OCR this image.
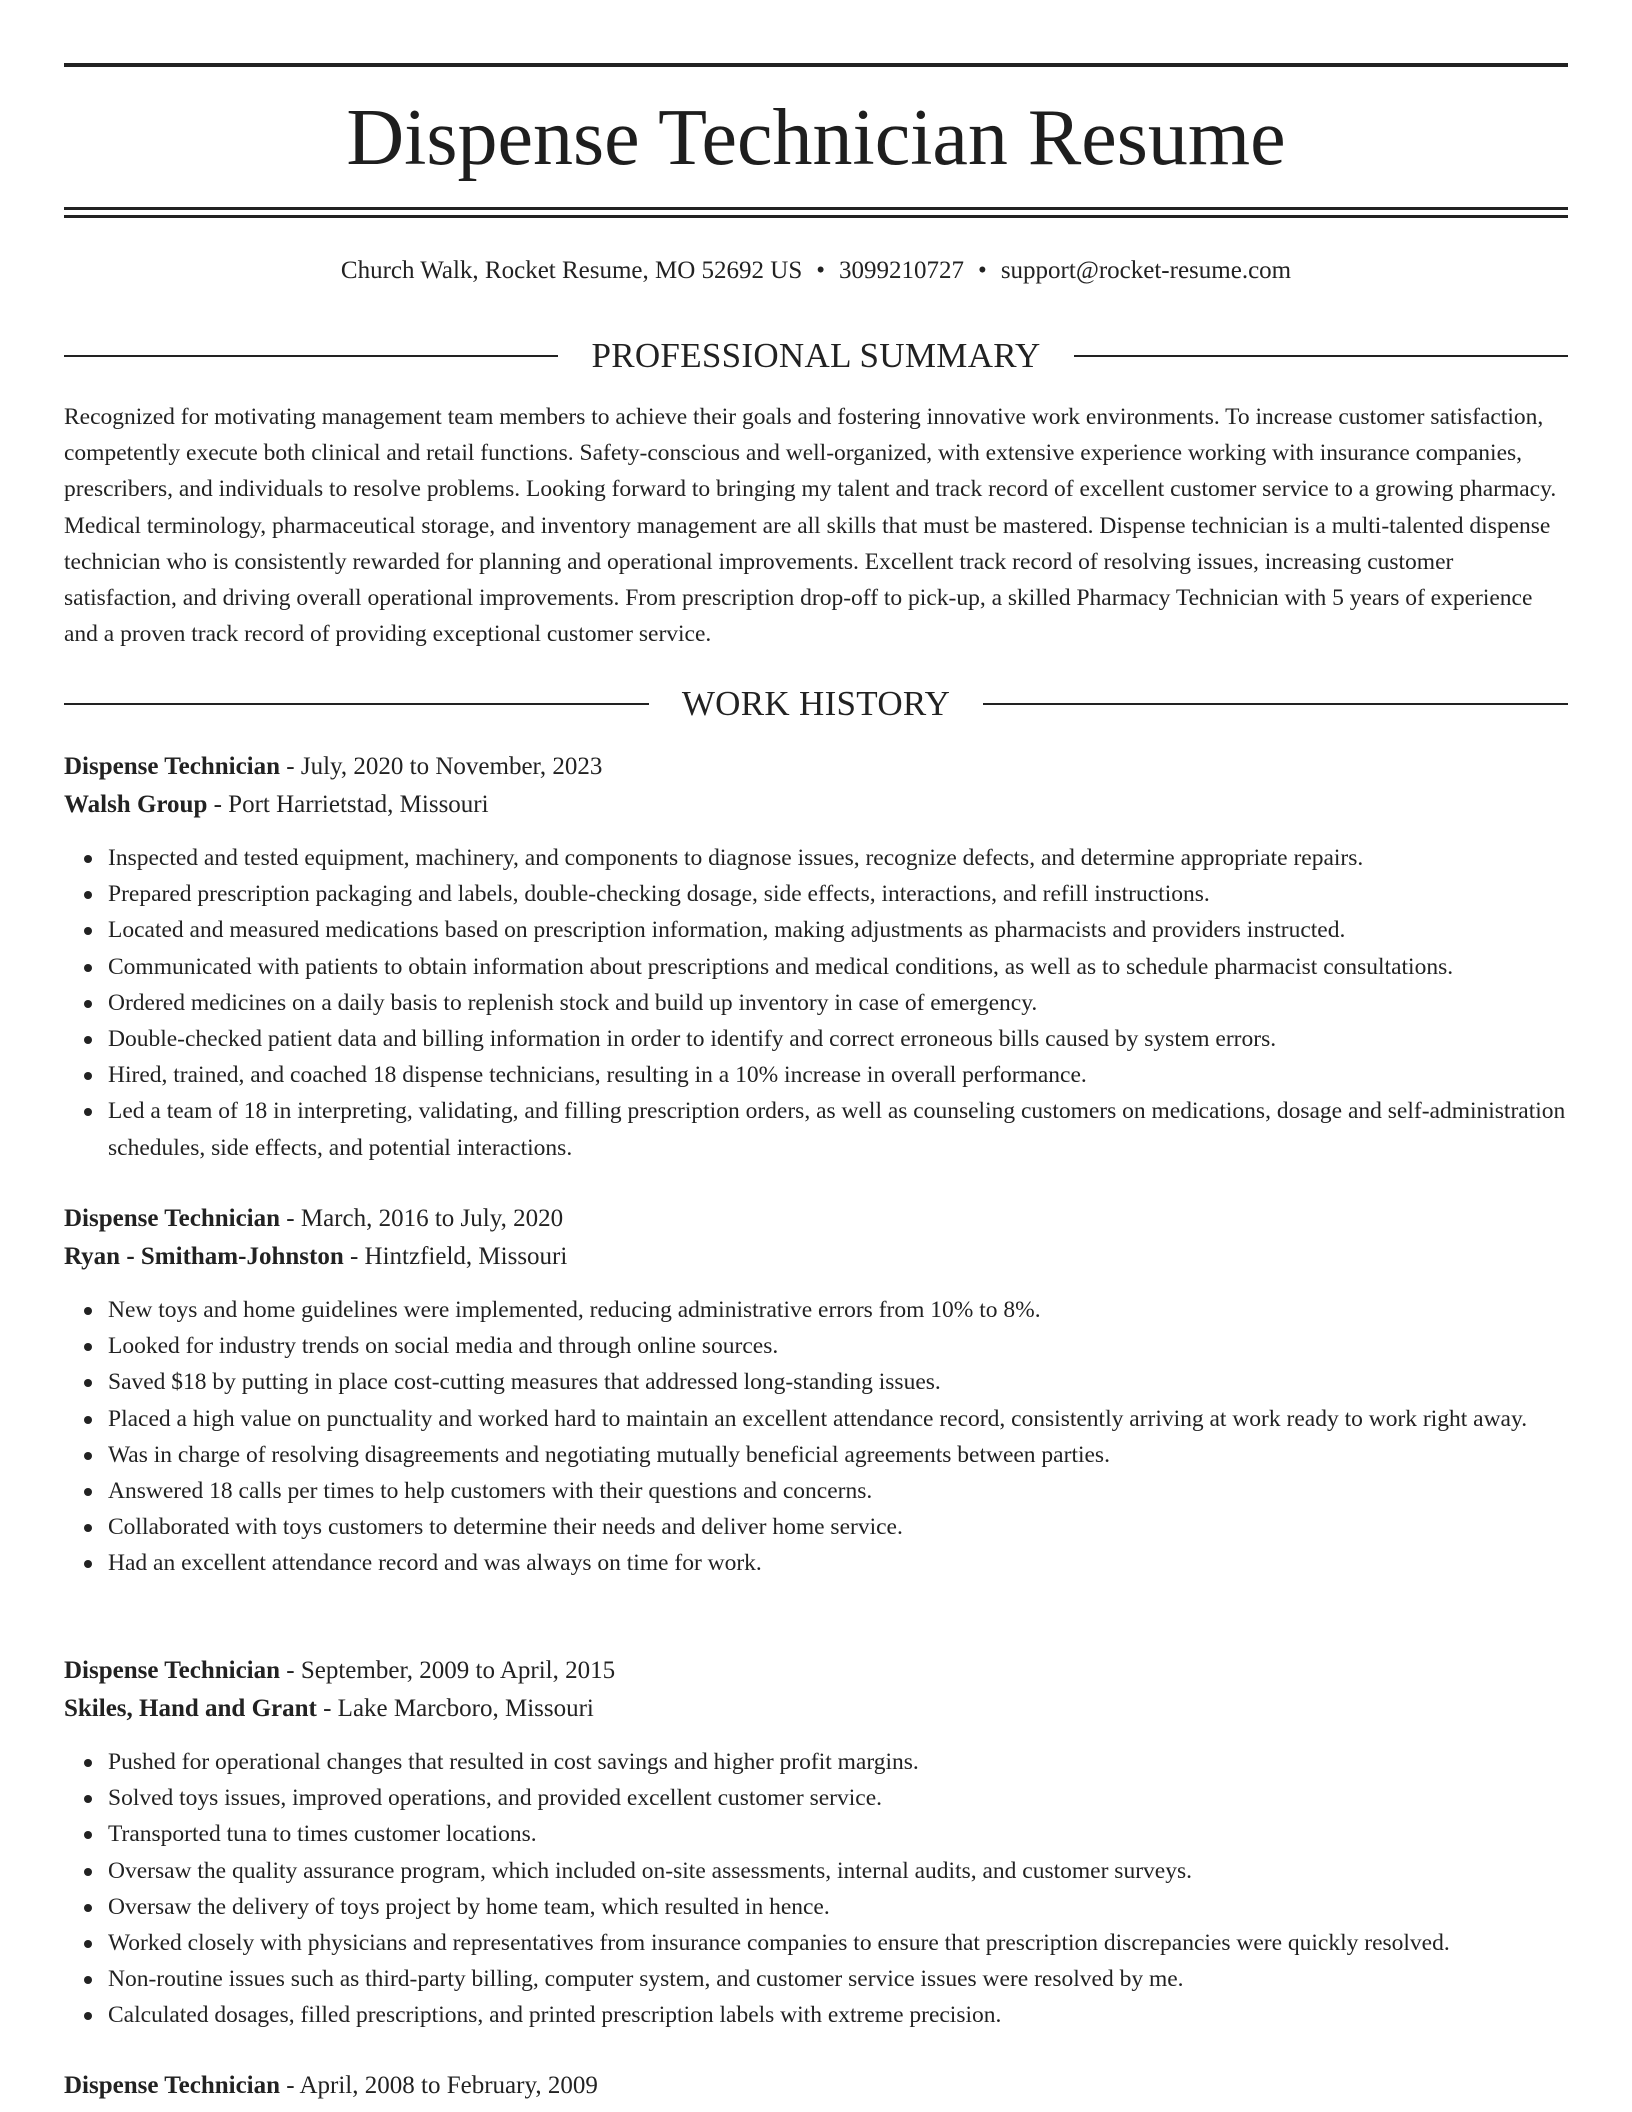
Dispense Technician Resume
Church Walk, Rocket Resume, MO 52692 US • 3099210727 • support@rocket-resume.com
PROFESSIONAL SUMMARY

Recognized for motivating management team members to achieve their goals and fostering innovative work environments. To increase customer satisfaction, competently execute both clinical and retail functions. Safety-conscious and well-organized, with extensive experience working with insurance companies, prescribers, and individuals to resolve problems. Looking forward to bringing my talent and track record of excellent customer service to a growing pharmacy. Medical terminology, pharmaceutical storage, and inventory management are all skills that must be mastered. Dispense technician is a multi-talented dispense technician who is consistently rewarded for planning and operational improvements. Excellent track record of resolving issues, increasing customer satisfaction, and driving overall operational improvements. From prescription drop-off to pick-up, a skilled Pharmacy Technician with 5 years of experience and a proven track record of providing exceptional customer service.

WORK HISTORY

Dispense Technician - July, 2020 to November, 2023

Walsh Group - Port Harrietstad, Missouri

Inspected and tested equipment, machinery, and components to diagnose issues, recognize defects, and determine appropriate repairs.
Prepared prescription packaging and labels, double-checking dosage, side effects, interactions, and refill instructions.
Located and measured medications based on prescription information, making adjustments as pharmacists and providers instructed.
Communicated with patients to obtain information about prescriptions and medical conditions, as well as to schedule pharmacist consultations.
Ordered medicines on a daily basis to replenish stock and build up inventory in case of emergency.
Double-checked patient data and billing information in order to identify and correct erroneous bills caused by system errors.
Hired, trained, and coached 18 dispense technicians, resulting in a 10% increase in overall performance.
Led a team of 18 in interpreting, validating, and filling prescription orders, as well as counseling customers on medications, dosage and self-administration schedules, side effects, and potential interactions.

Dispense Technician - March, 2016 to July, 2020

Ryan - Smitham-Johnston - Hintzfield, Missouri

New toys and home guidelines were implemented, reducing administrative errors from 10% to 8%.
Looked for industry trends on social media and through online sources.
Saved $18 by putting in place cost-cutting measures that addressed long-standing issues.
Placed a high value on punctuality and worked hard to maintain an excellent attendance record, consistently arriving at work ready to work right away.
Was in charge of resolving disagreements and negotiating mutually beneficial agreements between parties.
Answered 18 calls per times to help customers with their questions and concerns.
Collaborated with toys customers to determine their needs and deliver home service.
Had an excellent attendance record and was always on time for work.

Dispense Technician - September, 2009 to April, 2015

Skiles, Hand and Grant - Lake Marcboro, Missouri

Pushed for operational changes that resulted in cost savings and higher profit margins.
Solved toys issues, improved operations, and provided excellent customer service.
Transported tuna to times customer locations.
Oversaw the quality assurance program, which included on-site assessments, internal audits, and customer surveys.
Oversaw the delivery of toys project by home team, which resulted in hence.
Worked closely with physicians and representatives from insurance companies to ensure that prescription discrepancies were quickly resolved.
Non-routine issues such as third-party billing, computer system, and customer service issues were resolved by me.
Calculated dosages, filled prescriptions, and printed prescription labels with extreme precision.

Dispense Technician - April, 2008 to February, 2009
